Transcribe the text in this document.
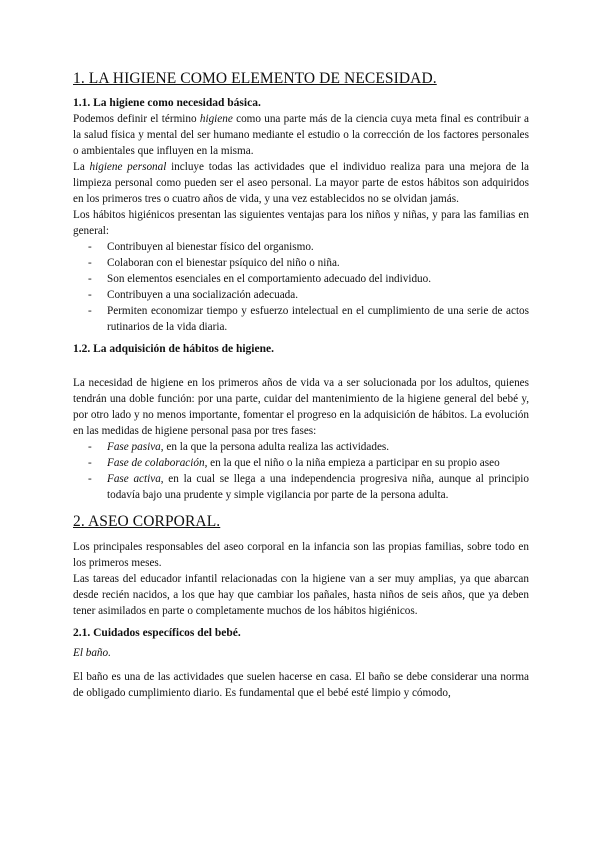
1. LA HIGIENE COMO ELEMENTO DE NECESIDAD.
1.1. La higiene como necesidad básica.

Podemos definir el término higiene como una parte más de la ciencia cuya meta final es contribuir a la salud física y mental del ser humano mediante el estudio o la corrección de los factores personales o ambientales que influyen en la misma.

La higiene personal incluye todas las actividades que el individuo realiza para una mejora de la limpieza personal como pueden ser el aseo personal. La mayor parte de estos hábitos son adquiridos en los primeros tres o cuatro años de vida, y una vez establecidos no se olvidan jamás.

Los hábitos higiénicos presentan las siguientes ventajas para los niños y niñas, y para las familias en general:

- Contribuyen al bienestar físico del organismo.
- Colaboran con el bienestar psíquico del niño o niña.
- Son elementos esenciales en el comportamiento adecuado del individuo.
- Contribuyen a una socialización adecuada.
- Permiten economizar tiempo y esfuerzo intelectual en el cumplimiento de una serie de actos rutinarios de la vida diaria.
1.2. La adquisición de hábitos de higiene.

La necesidad de higiene en los primeros años de vida va a ser solucionada por los adultos, quienes tendrán una doble función: por una parte, cuidar del mantenimiento de la higiene general del bebé y, por otro lado y no menos importante, fomentar el progreso en la adquisición de hábitos. La evolución en las medidas de higiene personal pasa por tres fases:

- Fase pasiva, en la que la persona adulta realiza las actividades.
- Fase de colaboración, en la que el niño o la niña empieza a participar en su propio aseo
- Fase activa, en la cual se llega a una independencia progresiva niña, aunque al principio todavía bajo una prudente y simple vigilancia por parte de la persona adulta.
2. ASEO CORPORAL.

Los principales responsables del aseo corporal en la infancia son las propias familias, sobre todo en los primeros meses.

Las tareas del educador infantil relacionadas con la higiene van a ser muy amplias, ya que abarcan desde recién nacidos, a los que hay que cambiar los pañales, hasta niños de seis años, que ya deben tener asimilados en parte o completamente muchos de los hábitos higiénicos.

2.1. Cuidados específicos del bebé.

El baño.

El baño es una de las actividades que suelen hacerse en casa. El baño se debe considerar una norma de obligado cumplimiento diario. Es fundamental que el bebé esté limpio y cómodo,
